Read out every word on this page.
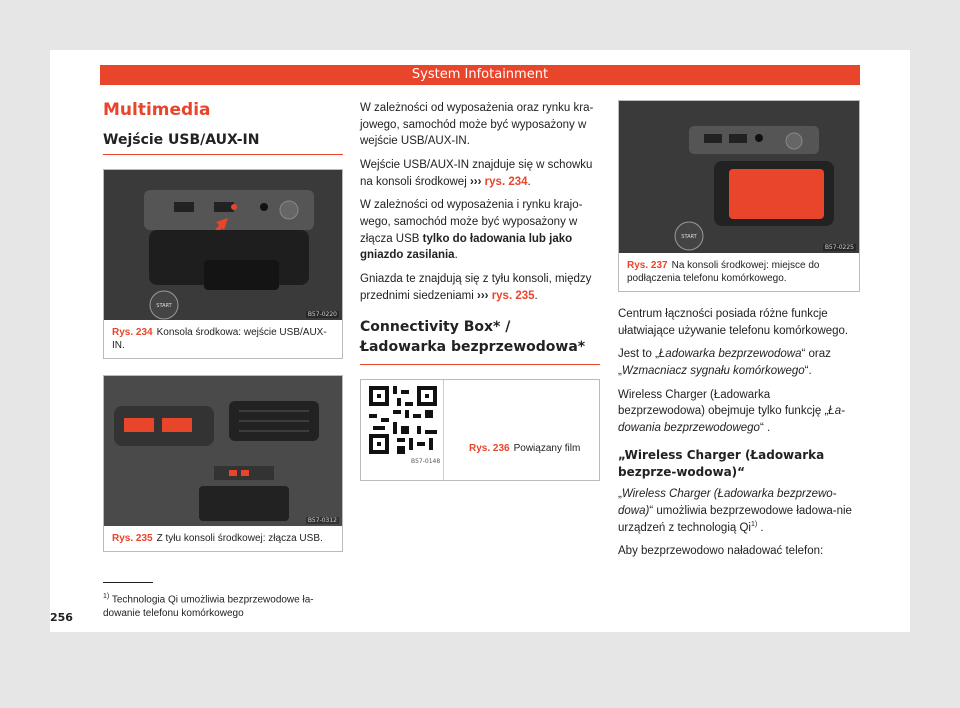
System Infotainment
Multimedia
Wejście USB/AUX-IN
START
B57-0220
Rys. 234 Konsola środkowa: wejście USB/AUX-IN.
B57-0312
Rys. 235 Z tyłu konsoli środkowej: złącza USB.

W zależności od wyposażenia oraz rynku kra-jowego, samochód może być wyposażony w wejście USB/AUX-IN.

Wejście USB/AUX-IN znajduje się w schowku na konsoli środkowej ››› rys. 234.

W zależności od wyposażenia i rynku krajo-wego, samochód może być wyposażony w złącza USB tylko do ładowania lub jako gniazdo zasilania.

Gniazda te znajdują się z tyłu konsoli, między przednimi siedzeniami ››› rys. 235.

Connectivity Box* / Ładowarka bezprzewodowa*
B57-0148
Rys. 236 Powiązany film
START
B57-0225
Rys. 237 Na konsoli środkowej: miejsce do podłączenia telefonu komórkowego.

Centrum łączności posiada różne funkcje ułatwiające używanie telefonu komórkowego.

Jest to „Ładowarka bezprzewodowa“ oraz „Wzmacniacz sygnału komórkowego“.

Wireless Charger (Ładowarka bezprzewodowa) obejmuje tylko funkcję „Ła-dowania bezprzewodowego“ .

„Wireless Charger (Ładowarka bezprze-wodowa)“

„Wireless Charger (Ładowarka bezprzewo-dowa)“ umożliwia bezprzewodowe ładowa-nie urządzeń z technologią Qi$^{1)}$ .

Aby bezprzewodowo naładować telefon:

$^{1)}$ Technologia Qi umożliwia bezprzewodowe ła-dowanie telefonu komórkowego
256
